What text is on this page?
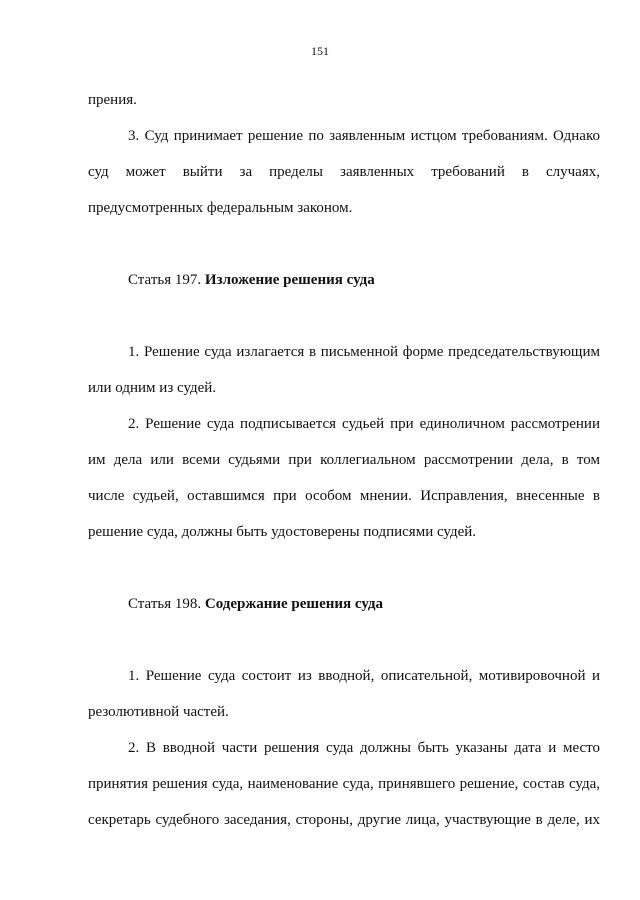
151
прения.
3. Суд принимает решение по заявленным истцом требованиям. Однако
суд может выйти за пределы заявленных требований в случаях,
предусмотренных федеральным законом.
Статья 197. Изложение решения суда
1. Решение суда излагается в письменной форме председательствующим
или одним из судей.
2. Решение суда подписывается судьей при единоличном рассмотрении
им дела или всеми судьями при коллегиальном рассмотрении дела, в том
числе судьей, оставшимся при особом мнении. Исправления, внесенные в
решение суда, должны быть удостоверены подписями судей.
Статья 198. Содержание решения суда
1. Решение суда состоит из вводной, описательной, мотивировочной и
резолютивной частей.
2. В вводной части решения суда должны быть указаны дата и место
принятия решения суда, наименование суда, принявшего решение, состав суда,
секретарь судебного заседания, стороны, другие лица, участвующие в деле, их
